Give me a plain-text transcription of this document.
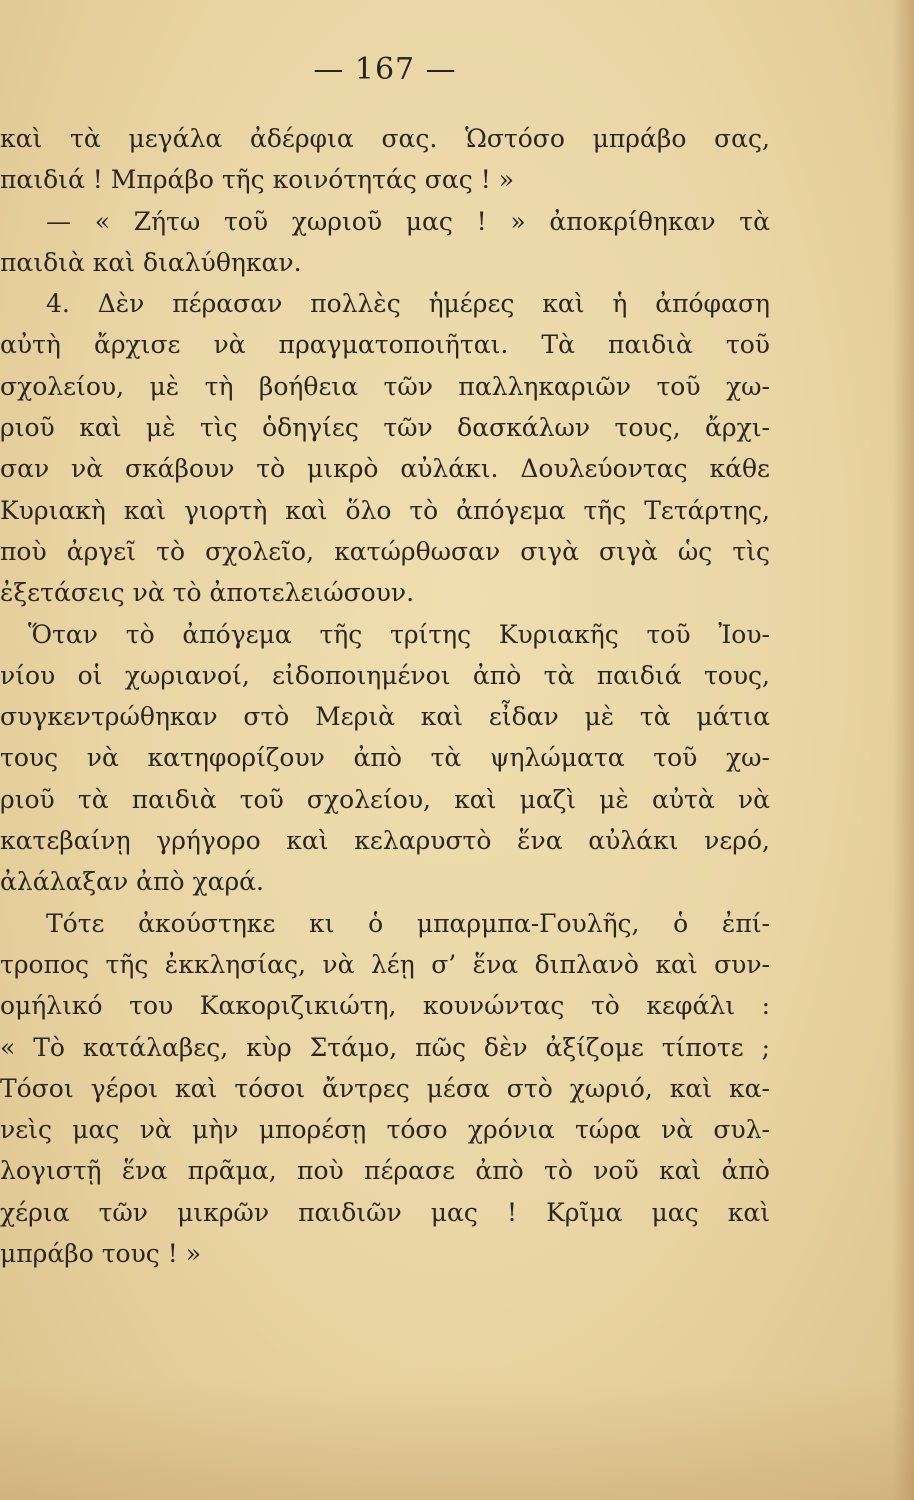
— 167 —
καὶ τὰ μεγάλα ἀδέρφια σας. Ὡστόσο μπράβο σας,
παιδιά ! Μπράβο τῆς κοινότητάς σας ! »
— « Ζήτω τοῦ χωριοῦ μας ! » ἀποκρίθηκαν τὰ
παιδιὰ καὶ διαλύθηκαν.
4. Δὲν πέρασαν πολλὲς ἡμέρες καὶ ἡ ἀπόφαση
αὐτὴ ἄρχισε νὰ πραγματοποιῆται. Τὰ παιδιὰ τοῦ
σχολείου, μὲ τὴ βοήθεια τῶν παλληκαριῶν τοῦ χω-
ριοῦ καὶ μὲ τὶς ὁδηγίες τῶν δασκάλων τους, ἄρχι-
σαν νὰ σκάβουν τὸ μικρὸ αὐλάκι. Δουλεύοντας κάθε
Κυριακὴ καὶ γιορτὴ καὶ ὅλο τὸ ἀπόγεμα τῆς Τετάρτης,
ποὺ ἀργεῖ τὸ σχολεῖο, κατώρθωσαν σιγὰ σιγὰ ὡς τὶς
ἐξετάσεις νὰ τὸ ἀποτελειώσουν.
Ὅταν τὸ ἀπόγεμα τῆς τρίτης Κυριακῆς τοῦ Ἰου-
νίου οἱ χωριανοί, εἰδοποιημένοι ἀπὸ τὰ παιδιά τους,
συγκεντρώθηκαν στὸ Μεριὰ καὶ εἶδαν μὲ τὰ μάτια
τους νὰ κατηφορίζουν ἀπὸ τὰ ψηλώματα τοῦ χω-
ριοῦ τὰ παιδιὰ τοῦ σχολείου, καὶ μαζὶ μὲ αὐτὰ νὰ
κατεβαίνῃ γρήγορο καὶ κελαρυστὸ ἕνα αὐλάκι νερό,
ἀλάλαξαν ἀπὸ χαρά.
Τότε ἀκούστηκε κι ὁ μπαρμπα-Γουλῆς, ὁ ἐπί-
τροπος τῆς ἐκκλησίας, νὰ λέῃ σ’ ἕνα διπλανὸ καὶ συν-
ομήλικό του Κακοριζικιώτη, κουνώντας τὸ κεφάλι :
« Τὸ κατάλαβες, κὺρ Στάμο, πῶς δὲν ἀξίζομε τίποτε ;
Τόσοι γέροι καὶ τόσοι ἄντρες μέσα στὸ χωριό, καὶ κα-
νεὶς μας νὰ μὴν μπορέσῃ τόσο χρόνια τώρα νὰ συλ-
λογιστῇ ἕνα πρᾶμα, ποὺ πέρασε ἀπὸ τὸ νοῦ καὶ ἀπὸ
χέρια τῶν μικρῶν παιδιῶν μας ! Κρῖμα μας καὶ
μπράβο τους ! »
